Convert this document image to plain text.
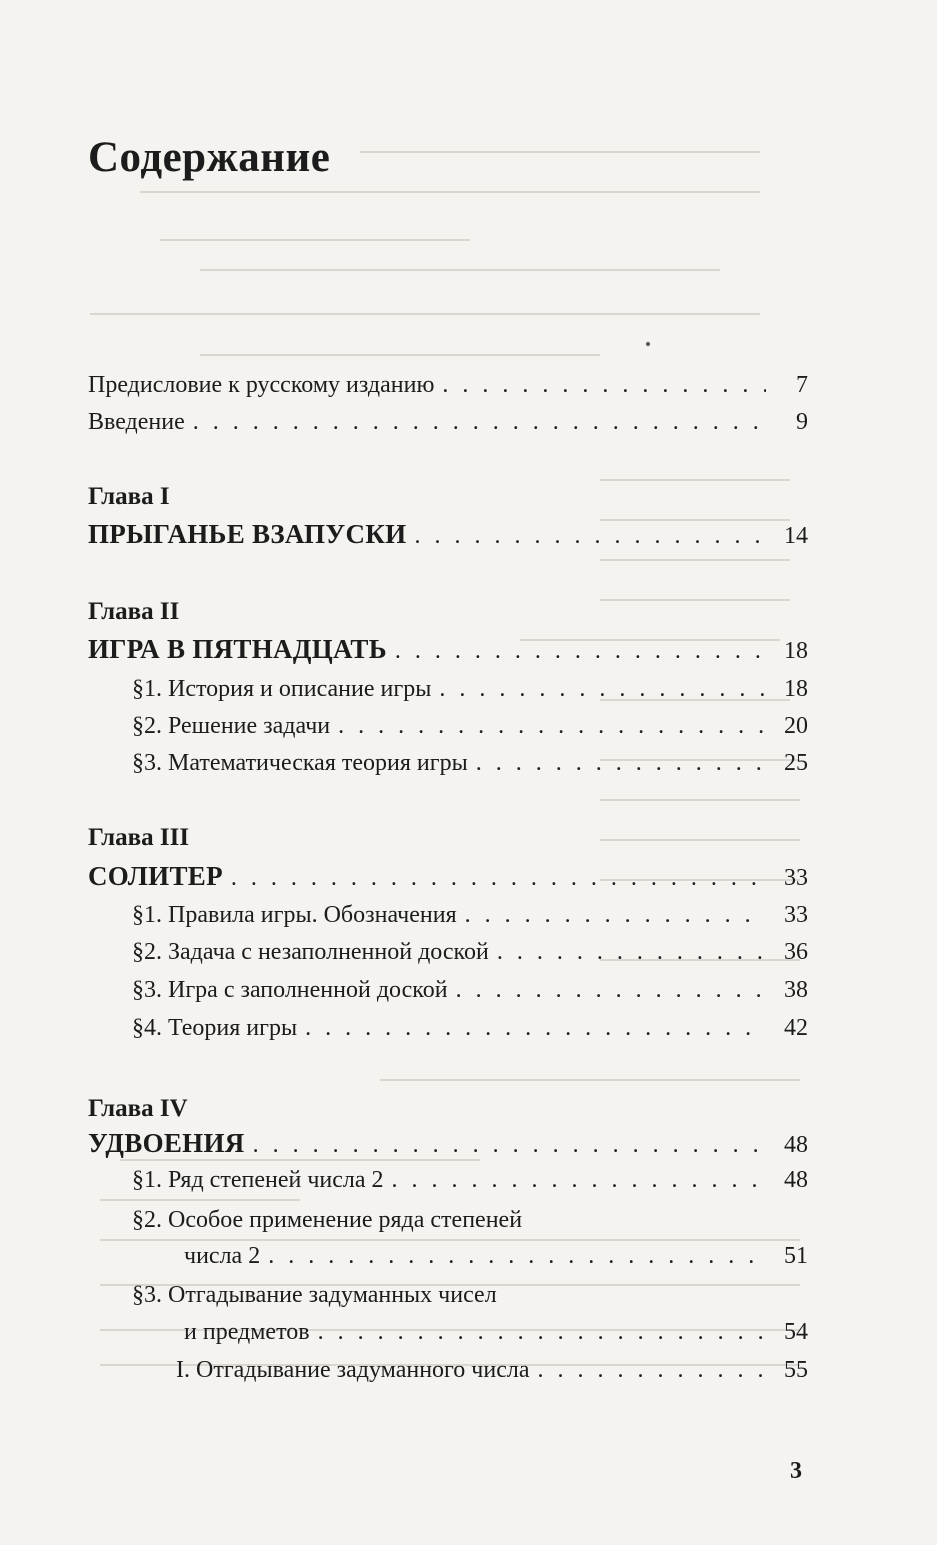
Содержание
Предисловие к русскому изданию . . .	7
Введение . . .	9
Глава I
ПРЫГАНЬЕ ВЗАПУСКИ . . .	14
Глава II
ИГРА В ПЯТНАДЦАТЬ . . .	18
§1. История и описание игры . . .	18
§2. Решение задачи . . .	20
§3. Математическая теория игры . . .	25
Глава III
СОЛИТЕР . . .	33
§1. Правила игры. Обозначения . . .	33
§2. Задача с незаполненной доской . . .	36
§3. Игра с заполненной доской . . .	38
§4. Теория игры . . .	42
Глава IV
УДВОЕНИЯ . . .	48
§1. Ряд степеней числа 2 . . .	48
§2. Особое применение ряда степеней
числа 2 . . .	51
§3. Отгадывание задуманных чисел
и предметов . . .	54
I. Отгадывание задуманного числа . . .	55
3
